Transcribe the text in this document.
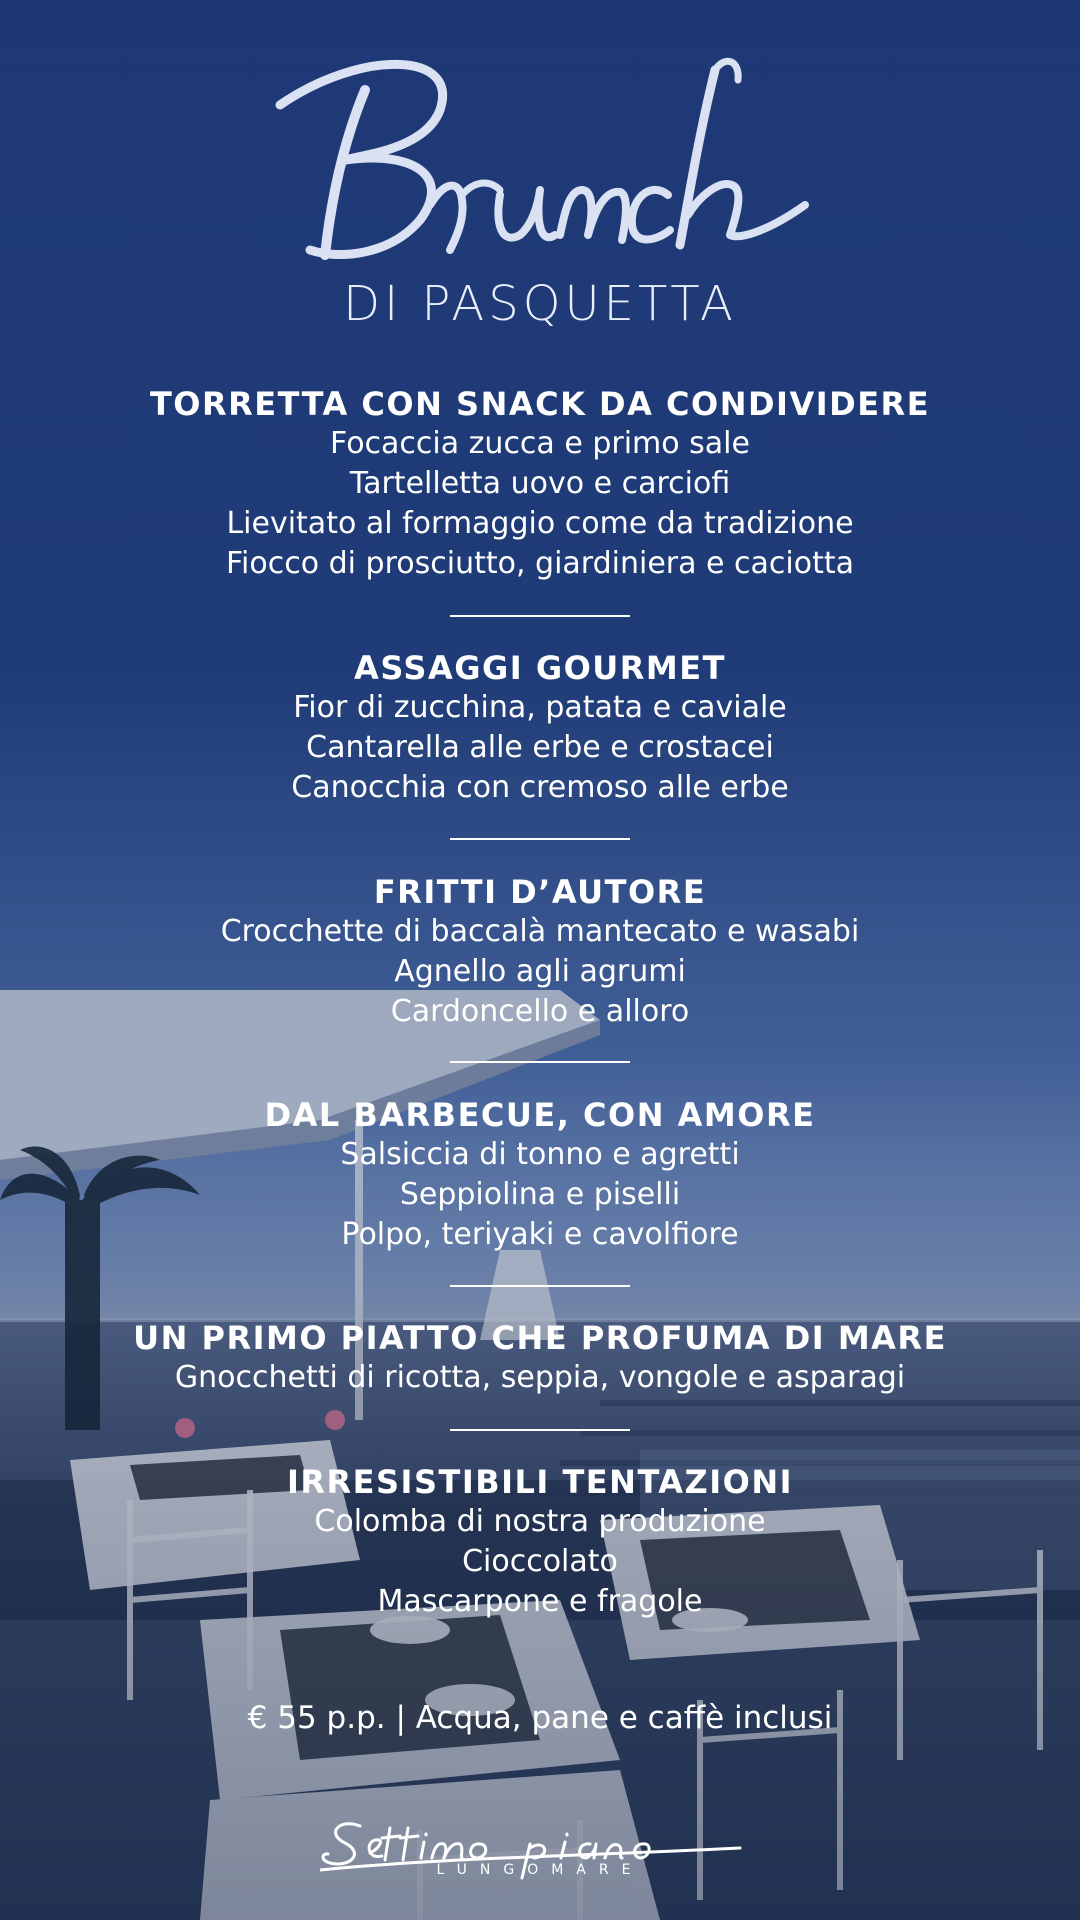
DI PASQUETTA
TORRETTA CON SNACK DA CONDIVIDERE
Focaccia zucca e primo sale
Tartelletta uovo e carciofi
Lievitato al formaggio come da tradizione
Fiocco di prosciutto, giardiniera e caciotta
ASSAGGI GOURMET
Fior di zucchina, patata e caviale
Cantarella alle erbe e crostacei
Canocchia con cremoso alle erbe
FRITTI D’AUTORE
Crocchette di baccalà mantecato e wasabi
Agnello agli agrumi
Cardoncello e alloro
DAL BARBECUE, CON AMORE
Salsiccia di tonno e agretti
Seppiolina e piselli
Polpo, teriyaki e cavolfiore
UN PRIMO PIATTO CHE PROFUMA DI MARE
Gnocchetti di ricotta, seppia, vongole e asparagi
IRRESISTIBILI TENTAZIONI
Colomba di nostra produzione
Cioccolato
Mascarpone e fragole
€ 55 p.p. | Acqua, pane e caffè inclusi
LUNGOMARE
